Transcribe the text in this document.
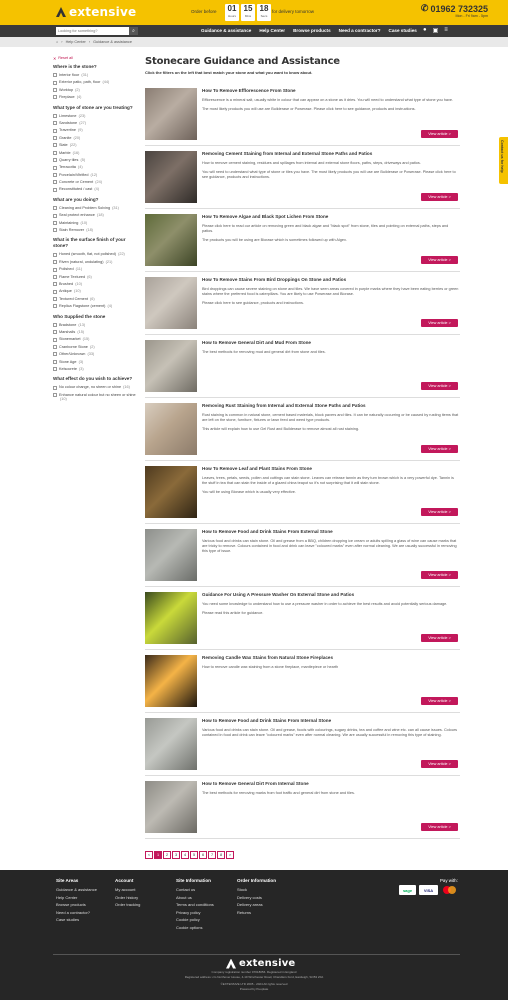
extensive	Order before	01
Hours
15
Mins
18
Secs
for delivery tomorrow	✆ 01962 732325
Mon - Fri 9am - 5pm
Looking for something?
⌕	Guidance & assistance Help Center Browse products Need a contractor? Case studies ● ▣ ≡
⌂ › Help Center › Guidance & assistance
✕ Reset all
Where is the stone?
Interior floor (31)
Exterior patio, path, floor (44)
Worktop (2)
Fireplace (4)
What type of stone are you treating?
Limestone (23)
Sandstone (27)
Travertine (9)
Granite (20)
Slate (22)
Marble (16)
Quarry tiles (5)
Terracotta (4)
Porcelain/Vitrified (12)
Concrete or Cement (24)
Reconstituted / cast (4)
What are you doing?
Cleaning and Problem Solving (31)
Seal protect enhance (18)
Maintaining (10)
Stain Remover (18)
What is the surface finish of your stone?
Honed (smooth, flat, not polished) (22)
Riven (natural, undulating) (21)
Polished (11)
Flame Textured (6)
Brushed (10)
Antique (10)
Textured Cement (6)
Replica Flagstone (cement) (4)
Who Supplied the stone
Bradstone (13)
Marshalls (15)
Stonemarket (15)
Cranborne Stone (2)
Other/Unknown (33)
Stone Age (3)
Kelsocrete (3)
What effect do you wish to achieve?
No colour change, no sheen or shine (16)
Enhance natural colour but no sheen or shine (10)
Stonecare Guidance and Assistance
Click the filters on the left that best match your stone and what you want to know about.
How To Remove Efflorescence From Stone

Efflorescence is a mineral salt, usually white in colour that can appear on a stone as it dries. You will need to understand what type of stone you have.

The most likely products you will use are Builderase or Powerase. Please click here to see guidance, products and instructions.

View article >
Removing Cement Staining from Internal and External Stone Paths and Patios

How to remove cement staining, residues and spillages from internal and external stone floors, paths, steps, driveways and patios.

You will need to understand what type of stone or tiles you have. The most likely products you will use are Builderase or Powerase. Please click here to see guidance, products and instructions.

View article >
How To Remove Algae and Black Spot Lichen From Stone

Please click here to read our article on removing green and black algae and "black spot" from stone, tiles and pointing on external paths, steps and patios.

The products you will be using are Biorase which is sometimes followed up with Algex.

View article >
How To Remove Stains From Bird Droppings On Stone and Patios

Bird droppings can cause severe staining on stone and tiles. We have seen areas covered in purple marks where they have been eating berries or green stains where the preferred food is caterpillars. You are likely to use Powerase and Biorase.

Please click here to see guidance, products and instructions.

View article >
How to Remove General Dirt and Mud From Stone

The best methods for removing mud and general dirt from stone and tiles.

View article >
Removing Rust Staining from Internal and External Stone Paths and Patios

Rust staining is common in natural stone, cement based materials, block pavers and tiles. It can be naturally occurring or be caused by rusting items that are left on the stone, furniture, fixtures or lawn feed and weed type products.

This article will explain how to use Gel Rust and Builderase to remove almost all rust staining.

View article >
How To Remove Leaf and Plant Stains From Stone

Leaves, trees, petals, seeds, pollen and cuttings can stain stone. Leaves can release tannin as they turn brown which is a very powerful dye. Tannin is the stuff in tea that can stain the inside of a glazed china teapot so it's not surprising that it will stain stone.

You will be using Biorase which is usually very effective.

View article >
How to Remove Food and Drink Stains From External Stone

Various food and drinks can stain stone. Oil and grease from a BBQ, children dropping ice cream or adults spilling a glass of wine can cause marks that are tricky to remove. Colours contained in food and drink can leave "coloured marks" even after normal cleaning. We are usually successful in removing this type of issue.

View article >
Guidance For Using A Pressure Washer On External Stone and Patios

You need some knowledge to understand how to use a pressure washer in order to achieve the best results and avoid potentially serious damage.

Please read this article for guidance.

View article >
Removing Candle Wax Stains from Natural Stone Fireplaces

How to remove candle wax staining from a stone fireplace, mantlepiece or hearth

View article >
How to Remove Food and Drink Stains From Internal Stone

Various food and drinks can stain stone. Oil and grease, foods with colourings, sugary drinks, tea and coffee and wine etc. can all cause issues. Colours contained in food and drink can leave "coloured marks" even after normal cleaning. We are usually successful in removing this type of staining.

View article >
How to Remove General Dirt From Internal Stone

The best methods for removing marks from foot traffic and general dirt from stone and tiles.

View article >
<	1	2	3	4	5	6	7	8	>
Contact us for help
Site Areas
Guidance & assistance
Help Center
Browse products
Need a contractor?
Case studies
Account
My account
Order history
Order tracking
Site Information
Contact us
About us
Terms and conditions
Privacy policy
Cookie policy
Cookie options
Order Information
Stock
Delivery costs
Delivery areas
Returns
Pay with:
sage	VISA
extensive
Company registration number 07018056. Registered in England
Registered address: c/o Northover House, 4-10 Winchester Road, Chandlers Ford, Eastleigh, SO53 2FA
©EXTENSIVE LTD 2005 - 2024 All rights reserved
Powered by Peoplate
